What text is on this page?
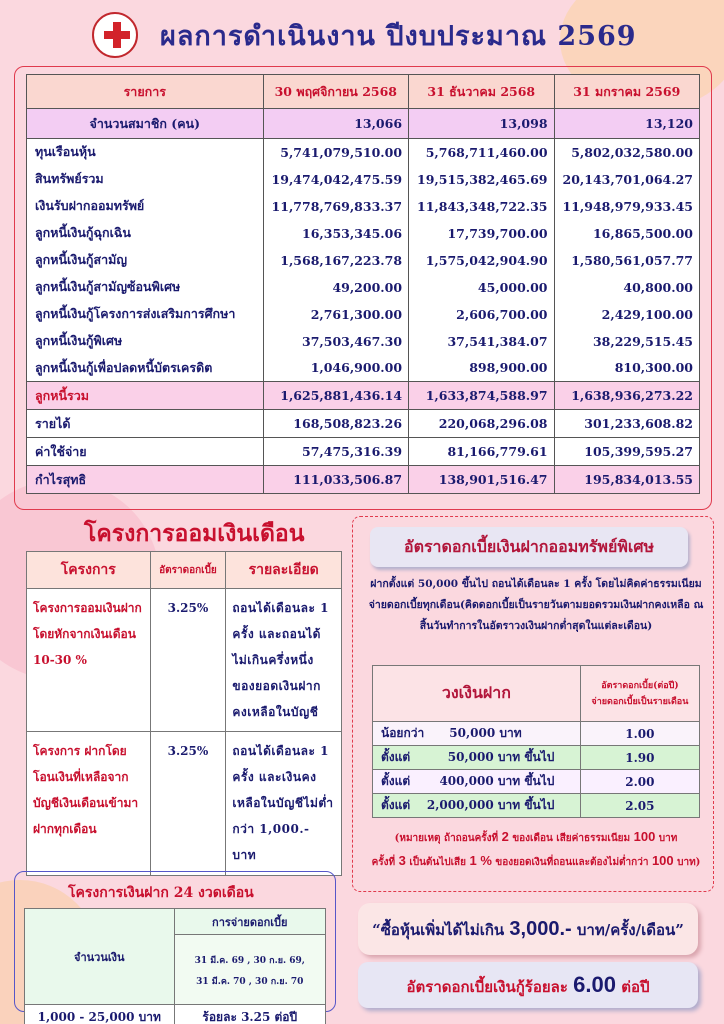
ผลการดำเนินงาน ปีงบประมาณ 2569
รายการ	30 พฤศจิกายน 2568	31 ธันวาคม 2568	31 มกราคม 2569
จำนวนสมาชิก (คน)	13,066	13,098	13,120
ทุนเรือนหุ้น	5,741,079,510.00	5,768,711,460.00	5,802,032,580.00
สินทรัพย์รวม	19,474,042,475.59	19,515,382,465.69	20,143,701,064.27
เงินรับฝากออมทรัพย์	11,778,769,833.37	11,843,348,722.35	11,948,979,933.45
ลูกหนี้เงินกู้ฉุกเฉิน	16,353,345.06	17,739,700.00	16,865,500.00
ลูกหนี้เงินกู้สามัญ	1,568,167,223.78	1,575,042,904.90	1,580,561,057.77
ลูกหนี้เงินกู้สามัญซ้อนพิเศษ	49,200.00	45,000.00	40,800.00
ลูกหนี้เงินกู้โครงการส่งเสริมการศึกษา	2,761,300.00	2,606,700.00	2,429,100.00
ลูกหนี้เงินกู้พิเศษ	37,503,467.30	37,541,384.07	38,229,515.45
ลูกหนี้เงินกู้เพื่อปลดหนี้บัตรเครดิต	1,046,900.00	898,900.00	810,300.00
ลูกหนี้รวม	1,625,881,436.14	1,633,874,588.97	1,638,936,273.22
รายได้	168,508,823.26	220,068,296.08	301,233,608.82
ค่าใช้จ่าย	57,475,316.39	81,166,779.61	105,399,595.27
กำไรสุทธิ	111,033,506.87	138,901,516.47	195,834,013.55
โครงการออมเงินเดือน
โครงการ	อัตราดอกเบี้ย	รายละเอียด
โครงการออมเงินฝากโดยหักจากเงินเดือน 10-30 %	3.25%	ถอนได้เดือนละ 1 ครั้ง และถอนได้ไม่เกินครึ่งหนึ่งของยอดเงินฝากคงเหลือในบัญชี
โครงการ ฝากโดยโอนเงินที่เหลือจากบัญชีเงินเดือนเข้ามาฝากทุกเดือน	3.25%	ถอนได้เดือนละ 1 ครั้ง และเงินคงเหลือในบัญชีไม่ต่ำกว่า 1,000.- บาท
อัตราดอกเบี้ยเงินฝากออมทรัพย์พิเศษ
ฝากตั้งแต่ 50,000 ขึ้นไป ถอนได้เดือนละ 1 ครั้ง โดยไม่คิดค่าธรรมเนียม จ่ายดอกเบี้ยทุกเดือน(คิดดอกเบี้ยเป็นรายวันตามยอดรวมเงินฝากคงเหลือ ณ สิ้นวันทำการในอัตราวงเงินฝากต่ำสุดในแต่ละเดือน)
วงเงินฝาก	อัตราดอกเบี้ย(ต่อปี)
จ่ายดอกเบี้ยเป็นรายเดือน

น้อยกว่า 50,000 บาท	1.00
ตั้งแต่ 50,000 บาท ขึ้นไป	1.90
ตั้งแต่ 400,000 บาท ขึ้นไป	2.00
ตั้งแต่ 2,000,000 บาท ขึ้นไป	2.05
(หมายเหตุ ถ้าถอนครั้งที่ 2 ของเดือน เสียค่าธรรมเนียม 100 บาท
ครั้งที่ 3 เป็นต้นไปเสีย 1 % ของยอดเงินที่ถอนและต้องไม่ต่ำกว่า 100 บาท)
โครงการเงินฝาก 24 งวดเดือน
จำนวนเงิน	การจ่ายดอกเบี้ย

	31 มี.ค. 69 , 30 ก.ย. 69,
31 มี.ค. 70 , 30 ก.ย. 70

1,000 - 25,000 บาท	ร้อยละ 3.25 ต่อปี
“ซื้อหุ้นเพิ่มได้ไม่เกิน 3,000.- บาท/ครั้ง/เดือน”
อัตราดอกเบี้ยเงินกู้ร้อยละ 6.00 ต่อปี
